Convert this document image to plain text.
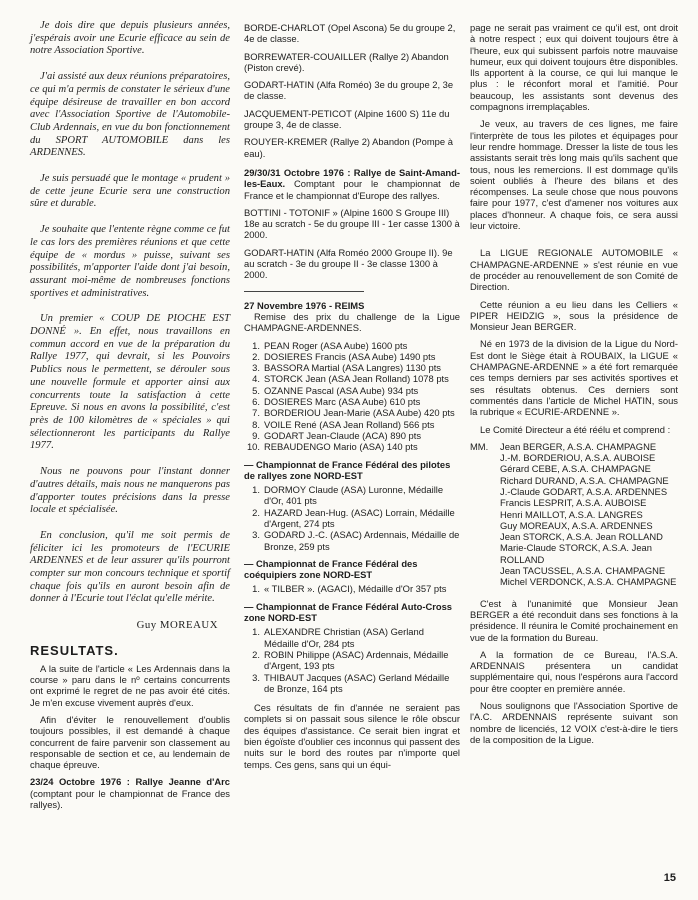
Je dois dire que depuis plusieurs années, j'espérais avoir une Ecurie efficace au sein de notre Association Sportive.

J'ai assisté aux deux réunions préparatoires, ce qui m'a permis de constater le sérieux d'une équipe désireuse de travailler en bon accord avec l'Association Sportive de l'Automobile-Club Ardennais, en vue du bon fonctionnement du SPORT AUTOMOBILE dans les ARDENNES.

Je suis persuadé que le montage « prudent » de cette jeune Ecurie sera une construction sûre et durable.

Je souhaite que l'entente règne comme ce fut le cas lors des premières réunions et que cette équipe de « mordus » puisse, suivant ses possibilités, m'apporter l'aide dont j'ai besoin, assurant moi-même de nombreuses fonctions sportives et administratives.

Un premier « COUP DE PIOCHE EST DONNÉ ». En effet, nous travaillons en commun accord en vue de la préparation du Rallye 1977, qui devrait, si les Pouvoirs Publics nous le permettent, se dérouler sous une nouvelle formule et apporter ainsi aux concurrents toute la satisfaction à cette Epreuve. Si nous en avons la possibilité, c'est près de 100 kilomètres de « spéciales » qui sélectionneront les participants du Rallye 1977.

Nous ne pouvons pour l'instant donner d'autres détails, mais nous ne manquerons pas d'apporter toutes précisions dans la presse locale et spécialisée.

En conclusion, qu'il me soit permis de féliciter ici les promoteurs de l'ECURIE ARDENNES et de leur assurer qu'ils pourront compter sur mon concours technique et sportif chaque fois qu'ils en auront besoin afin de donner à l'Ecurie tout l'éclat qu'elle mérite.

Guy MOREAUX
RESULTATS.

A la suite de l'article « Les Ardennais dans la course » paru dans le nº certains concurrents ont exprimé le regret de ne pas avoir été cités. Je m'en excuse vivement auprès d'eux.

Afin d'éviter le renouvellement d'oublis toujours possibles, il est demandé à chaque concurrent de faire parvenir son classement au responsable de section et ce, au lendemain de chaque épreuve.

23/24 Octobre 1976 : Rallye Jeanne d'Arc (comptant pour le championnat de France des rallyes).

BORDE-CHARLOT (Opel Ascona) 5e du groupe 2, 4e de classe.

BORREWATER-COUAILLER (Rallye 2) Abandon (Piston crevé).

GODART-HATIN (Alfa Roméo) 3e du groupe 2, 3e de classe.

JACQUEMENT-PETICOT (Alpine 1600 S) 11e du groupe 3, 4e de classe.

ROUYER-KREMER (Rallye 2) Abandon (Pompe à eau).

29/30/31 Octobre 1976 : Rallye de Saint-Amand-les-Eaux. Comptant pour le championnat de France et le championnat d'Europe des rallyes.

BOTTINI - TOTONIF » (Alpine 1600 S Groupe III) 18e au scratch - 5e du groupe III - 1er casse 1300 à 2000.

GODART-HATIN (Alfa Roméo 2000 Groupe II). 9e au scratch - 3e du groupe II - 3e classe 1300 à 2000.

27 Novembre 1976 - REIMS

Remise des prix du challenge de la Ligue CHAMPAGNE-ARDENNES.

1. PEAN Roger (ASA Aube) 1600 pts
2. DOSIERES Francis (ASA Aube) 1490 pts
3. BASSORA Martial (ASA Langres) 1130 pts
4. STORCK Jean (ASA Jean Rolland) 1078 pts
5. OZANNE Pascal (ASA Aube) 934 pts
6. DOSIERES Marc (ASA Aube) 610 pts
7. BORDERIOU Jean-Marie (ASA Aube) 420 pts
8. VOILE René (ASA Jean Rolland) 566 pts
9. GODART Jean-Claude (ACA) 890 pts
10. REBAUDENGO Mario (ASA) 140 pts

— Championnat de France Fédéral des pilotes de rallyes zone NORD-EST

1. DORMOY Claude (ASA) Luronne, Médaille d'Or, 401 pts
2. HAZARD Jean-Hug. (ASAC) Lorrain, Médaille d'Argent, 274 pts
3. GODARD J.-C. (ASAC) Ardennais, Médaille de Bronze, 259 pts

— Championnat de France Fédéral des coéquipiers zone NORD-EST

1. « TILBER ». (AGACI), Médaille d'Or 357 pts

— Championnat de France Fédéral Auto-Cross zone NORD-EST

1. ALEXANDRE Christian (ASA) Gerland Médaille d'Or, 284 pts
2. ROBIN Philippe (ASAC) Ardennais, Médaille d'Argent, 193 pts
3. THIBAUT Jacques (ASAC) Gerland Médaille de Bronze, 164 pts

Ces résultats de fin d'année ne seraient pas complets si on passait sous silence le rôle obscur des équipes d'assistance. Ce serait bien ingrat et bien égoïste d'oublier ces inconnus qui passent des nuits sur le bord des routes par n'importe quel temps. Ces gens, sans qui un équi-

page ne serait pas vraiment ce qu'il est, ont droit à notre respect ; eux qui doivent toujours être à l'heure, eux qui subissent parfois notre mauvaise humeur, eux qui doivent toujours être disponibles. Ils apportent à la course, ce qui lui manque le plus : le réconfort moral et l'amitié. Pour beaucoup, les assistants sont devenus des compagnons irremplaçables.

Je veux, au travers de ces lignes, me faire l'interprète de tous les pilotes et équipages pour leur rendre hommage. Dresser la liste de tous les assistants serait très long mais qu'ils sachent que tous, nous les remercions. Il est dommage qu'ils soient oubliés à l'heure des bilans et des récompenses. La seule chose que nous pouvons faire pour 1977, c'est d'amener nos voitures aux places d'honneur. A chaque fois, ce sera aussi leur victoire.

La LIGUE REGIONALE AUTOMOBILE « CHAMPAGNE-ARDENNE » s'est réunie en vue de procéder au renouvellement de son Comité de Direction.

Cette réunion a eu lieu dans les Celliers « PIPER HEIDZIG », sous la présidence de Monsieur Jean BERGER.

Né en 1973 de la division de la Ligue du Nord-Est dont le Siège était à ROUBAIX, la LIGUE « CHAMPAGNE-ARDENNE » a été fort remarquée ces temps derniers par ses activités sportives et ses résultats obtenus. Ces derniers sont commentés dans l'article de Michel HATIN, sous la rubrique « ECURIE-ARDENNE ».

Le Comité Directeur a été réélu et comprend :

MM.	Jean BERGER, A.S.A. CHAMPAGNE
J.-M. BORDERIOU, A.S.A. AUBOISE
Gérard CEBE, A.S.A. CHAMPAGNE
Richard DURAND, A.S.A. CHAMPAGNE
J.-Claude GODART, A.S.A. ARDENNES
Francis LESPRIT, A.S.A. AUBOISE
Henri MAILLOT, A.S.A. LANGRES
Guy MOREAUX, A.S.A. ARDENNES
Jean STORCK, A.S.A. Jean ROLLAND
Marie-Claude STORCK, A.S.A. Jean ROLLAND
Jean TACUSSEL, A.S.A. CHAMPAGNE
Michel VERDONCK, A.S.A. CHAMPAGNE

C'est à l'unanimité que Monsieur Jean BERGER a été reconduit dans ses fonctions à la présidence. Il réunira le Comité prochainement en vue de la formation du Bureau.

A la formation de ce Bureau, l'A.S.A. ARDENNAIS présentera un candidat supplémentaire qui, nous l'espérons aura l'accord pour être coopter en première année.

Nous soulignons que l'Association Sportive de l'A.C. ARDENNAIS représente suivant son nombre de licenciés, 12 VOIX c'est-à-dire le tiers de la composition de la Ligue.

15
